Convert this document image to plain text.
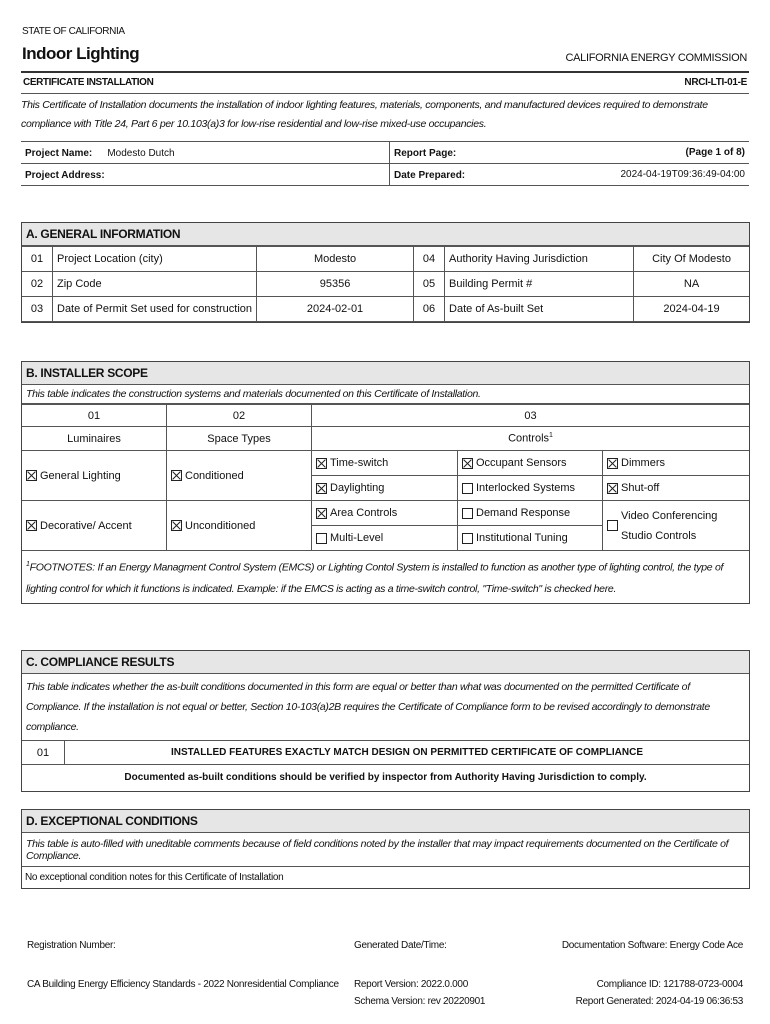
STATE OF CALIFORNIA
Indoor Lighting	CALIFORNIA ENERGY COMMISSION
CERTIFICATE INSTALLATION	NRCI-LTI-01-E
This Certificate of Installation documents the installation of indoor lighting features, materials, components, and manufactured devices required to demonstrate compliance with Title 24, Part 6 per 10.103(a)3 for low-rise residential and low-rise mixed-use occupancies.
Project Name: Modesto Dutch	Report Page: (Page 1 of 8)

Project Address:	Date Prepared: 2024-04-19T09:36:49-04:00
A. GENERAL INFORMATION
01	Project Location (city)	Modesto	04	Authority Having Jurisdiction	City Of Modesto
02	Zip Code	95356	05	Building Permit #	NA
03	Date of Permit Set used for construction	2024-02-01	06	Date of As-built Set	2024-04-19
B. INSTALLER SCOPE
This table indicates the construction systems and materials documented on this Certificate of Installation.
01	02	03		
Luminaires	Space Types	Controls$^1$
General Lighting	Conditioned	Time-switch	Occupant Sensors	Dimmers
		Daylighting	Interlocked Systems	Shut-off
Decorative/ Accent	Unconditioned	Area Controls	Demand Response	Video Conferencing Studio Controls

		Multi-Level	Institutional Tuning	
$^1$FOOTNOTES: If an Energy Managment Control System (EMCS) or Lighting Contol System is installed to function as another type of lighting control, the type of lighting control for which it functions is indicated. Example: if the EMCS is acting as a time-switch control, "Time-switch" is checked here.
C. COMPLIANCE RESULTS
This table indicates whether the as-built conditions documented in this form are equal or better than what was documented on the permitted Certificate of Compliance. If the installation is not equal or better, Section 10-103(a)2B requires the Certificate of Compliance form to be revised accordingly to demonstrate compliance.
01	INSTALLED FEATURES EXACTLY MATCH DESIGN ON PERMITTED CERTIFICATE OF COMPLIANCE
Documented as-built conditions should be verified by inspector from Authority Having Jurisdiction to comply.
D. EXCEPTIONAL CONDITIONS
This table is auto-filled with uneditable comments because of field conditions noted by the installer that may impact requirements documented on the Certificate of Compliance.
No exceptional condition notes for this Certificate of Installation
Registration Number:	Generated Date/Time:	Documentation Software: Energy Code Ace
CA Building Energy Efficiency Standards - 2022 Nonresidential Compliance Report Version: 2022.0.000
Schema Version: rev 20220901
Compliance ID: 121788-0723-0004
Report Generated: 2024-04-19 06:36:53
